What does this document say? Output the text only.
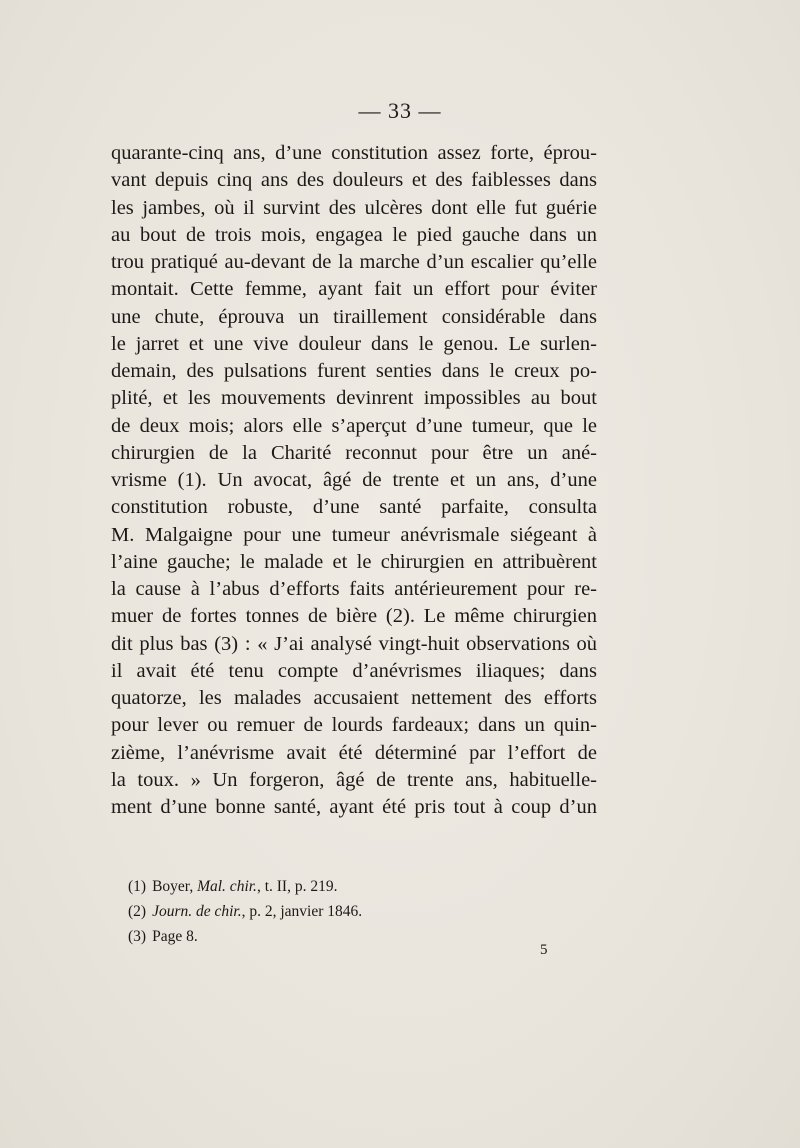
— 33 —
quarante-cinq ans, d’une constitution assez forte, éprou-
vant depuis cinq ans des douleurs et des faiblesses dans
les jambes, où il survint des ulcères dont elle fut guérie
au bout de trois mois, engagea le pied gauche dans un
trou pratiqué au-devant de la marche d’un escalier qu’elle
montait. Cette femme, ayant fait un effort pour éviter
une chute, éprouva un tiraillement considérable dans
le jarret et une vive douleur dans le genou. Le surlen-
demain, des pulsations furent senties dans le creux po-
plité, et les mouvements devinrent impossibles au bout
de deux mois; alors elle s’aperçut d’une tumeur, que le
chirurgien de la Charité reconnut pour être un ané-
vrisme (1). Un avocat, âgé de trente et un ans, d’une
constitution robuste, d’une santé parfaite, consulta
M. Malgaigne pour une tumeur anévrismale siégeant à
l’aine gauche; le malade et le chirurgien en attribuèrent
la cause à l’abus d’efforts faits antérieurement pour re-
muer de fortes tonnes de bière (2). Le même chirurgien
dit plus bas (3) : « J’ai analysé vingt-huit observations où
il avait été tenu compte d’anévrismes iliaques; dans
quatorze, les malades accusaient nettement des efforts
pour lever ou remuer de lourds fardeaux; dans un quin-
zième, l’anévrisme avait été déterminé par l’effort de
la toux. » Un forgeron, âgé de trente ans, habituelle-
ment d’une bonne santé, ayant été pris tout à coup d’un
(1) Boyer, Mal. chir., t. II, p. 219.
(2) Journ. de chir., p. 2, janvier 1846.
(3) Page 8.
5
